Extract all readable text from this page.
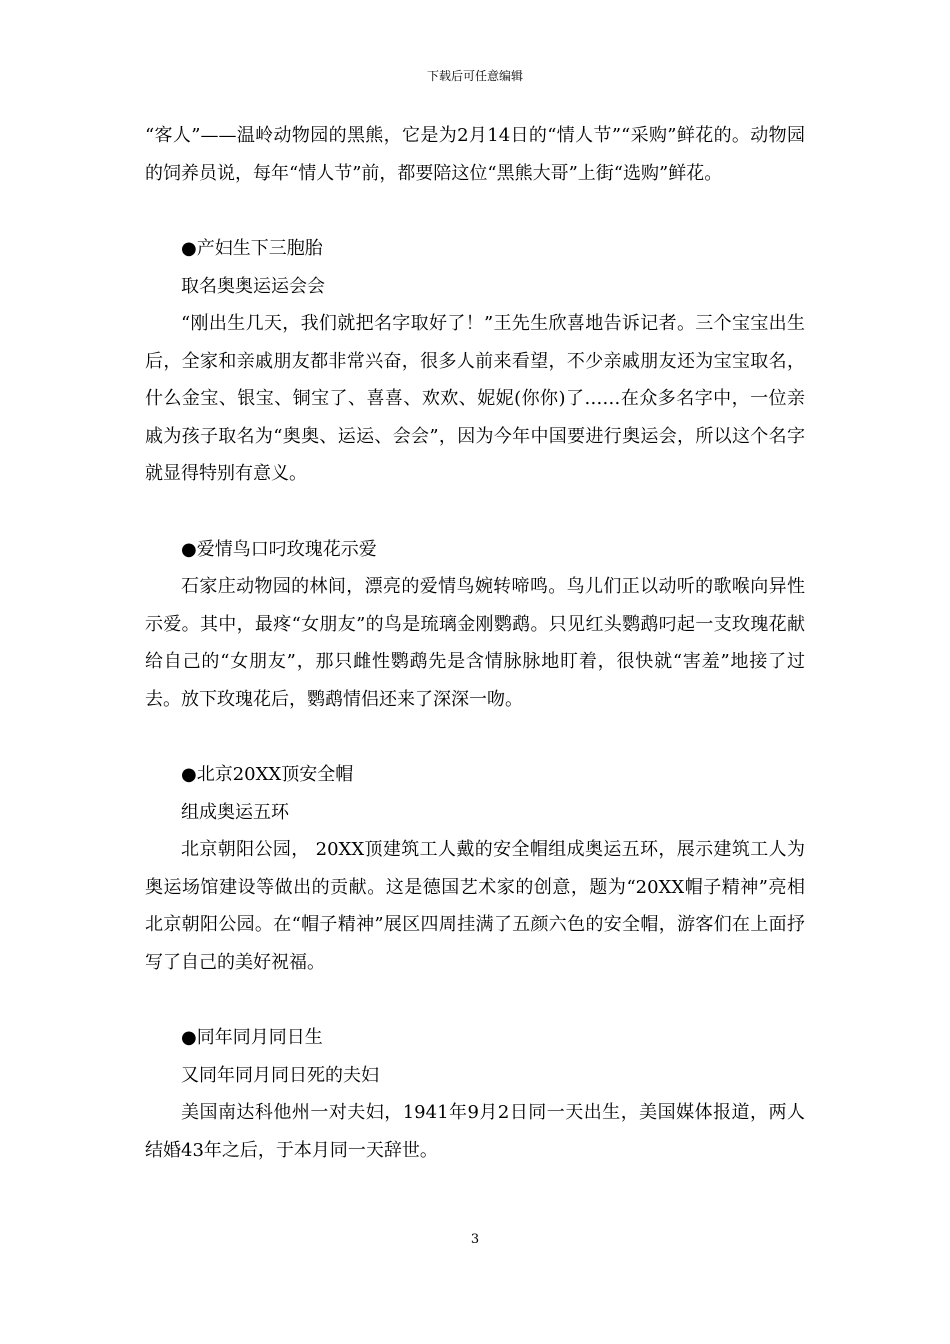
下载后可任意编辑

“客人”——温岭动物园的黑熊，它是为2月14日的“情人节”“采购”鲜花的。动物园的饲养员说，每年“情人节”前，都要陪这位“黑熊大哥”上街“选购”鲜花。

●产妇生下三胞胎

取名奥奥运运会会

“刚出生几天，我们就把名字取好了！”王先生欣喜地告诉记者。三个宝宝出生后，全家和亲戚朋友都非常兴奋，很多人前来看望，不少亲戚朋友还为宝宝取名，什么金宝、银宝、铜宝了、喜喜、欢欢、妮妮(你你)了……在众多名字中，一位亲戚为孩子取名为“奥奥、运运、会会”，因为今年中国要进行奥运会，所以这个名字就显得特别有意义。

●爱情鸟口叼玫瑰花示爱

石家庄动物园的林间，漂亮的爱情鸟婉转啼鸣。鸟儿们正以动听的歌喉向异性示爱。其中，最疼“女朋友”的鸟是琉璃金刚鹦鹉。只见红头鹦鹉叼起一支玫瑰花献给自己的“女朋友”，那只雌性鹦鹉先是含情脉脉地盯着，很快就“害羞”地接了过去。放下玫瑰花后，鹦鹉情侣还来了深深一吻。

●北京20XX顶安全帽

组成奥运五环

北京朝阳公园， 20XX顶建筑工人戴的安全帽组成奥运五环，展示建筑工人为奥运场馆建设等做出的贡献。这是德国艺术家的创意，题为“20XX帽子精神”亮相北京朝阳公园。在“帽子精神”展区四周挂满了五颜六色的安全帽，游客们在上面抒写了自己的美好祝福。

●同年同月同日生

又同年同月同日死的夫妇

美国南达科他州一对夫妇，1941年9月2日同一天出生，美国媒体报道，两人结婚43年之后，于本月同一天辞世。

3
